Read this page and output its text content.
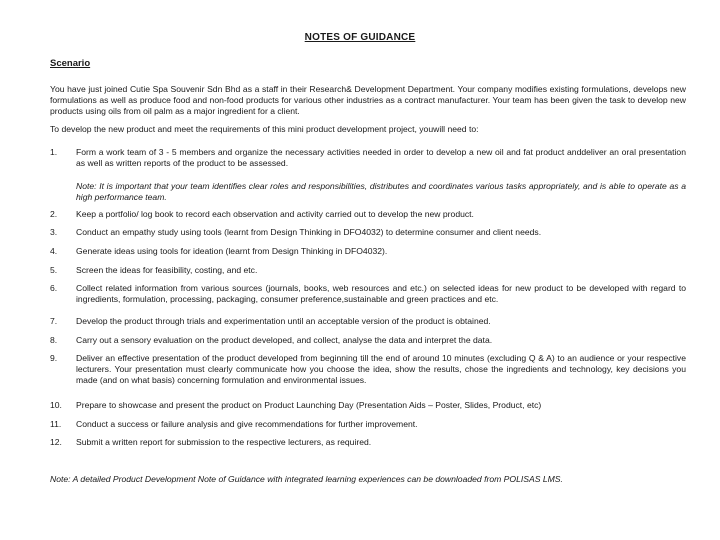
NOTES OF GUIDANCE
Scenario
You have just joined Cutie Spa Souvenir Sdn Bhd as a staff in their Research& Development Department. Your company modifies existing formulations, develops new formulations as well as produce food and non-food products for various other industries as a contract manufacturer. Your team has been given the task to develop new products using oils from oil palm as a major ingredient for a client.
To develop the new product and meet the requirements of this mini product development project, youwill need to:
1.	Form a work team of 3 - 5 members and organize the necessary activities needed in order to develop a new oil and fat product anddeliver an oral presentation as well as written reports of the product to be assessed.
Note: It is important that your team identifies clear roles and responsibilities, distributes and coordinates various tasks appropriately, and is able to operate as a high performance team.
2.	Keep a portfolio/ log book to record each observation and activity carried out to develop the new product.
3.	Conduct an empathy study using tools (learnt from Design Thinking in DFO4032) to determine consumer and client needs.
4.	Generate ideas using tools for ideation (learnt from Design Thinking in DFO4032).
5.	Screen the ideas for feasibility, costing, and etc.
6.	Collect related information from various sources (journals, books, web resources and etc.) on selected ideas for new product to be developed with regard to ingredients, formulation, processing, packaging, consumer preference,sustainable and green practices and etc.
7.	Develop the product through trials and experimentation until an acceptable version of the product is obtained.
8.	Carry out a sensory evaluation on the product developed, and collect, analyse the data and interpret the data.
9.	Deliver an effective presentation of the product developed from beginning till the end of around 10 minutes (excluding Q & A) to an audience or your respective lecturers. Your presentation must clearly communicate how you choose the idea, show the results, chose the ingredients and technology, key decisions you made (and on what basis) concerning formulation and environmental issues.
10.	Prepare to showcase and present the product on Product Launching Day (Presentation Aids – Poster, Slides, Product, etc)
11.	Conduct a success or failure analysis and give recommendations for further improvement.
12.	Submit a written report for submission to the respective lecturers, as required.
Note: A detailed Product Development Note of Guidance with integrated learning experiences can be downloaded from POLISAS LMS.
